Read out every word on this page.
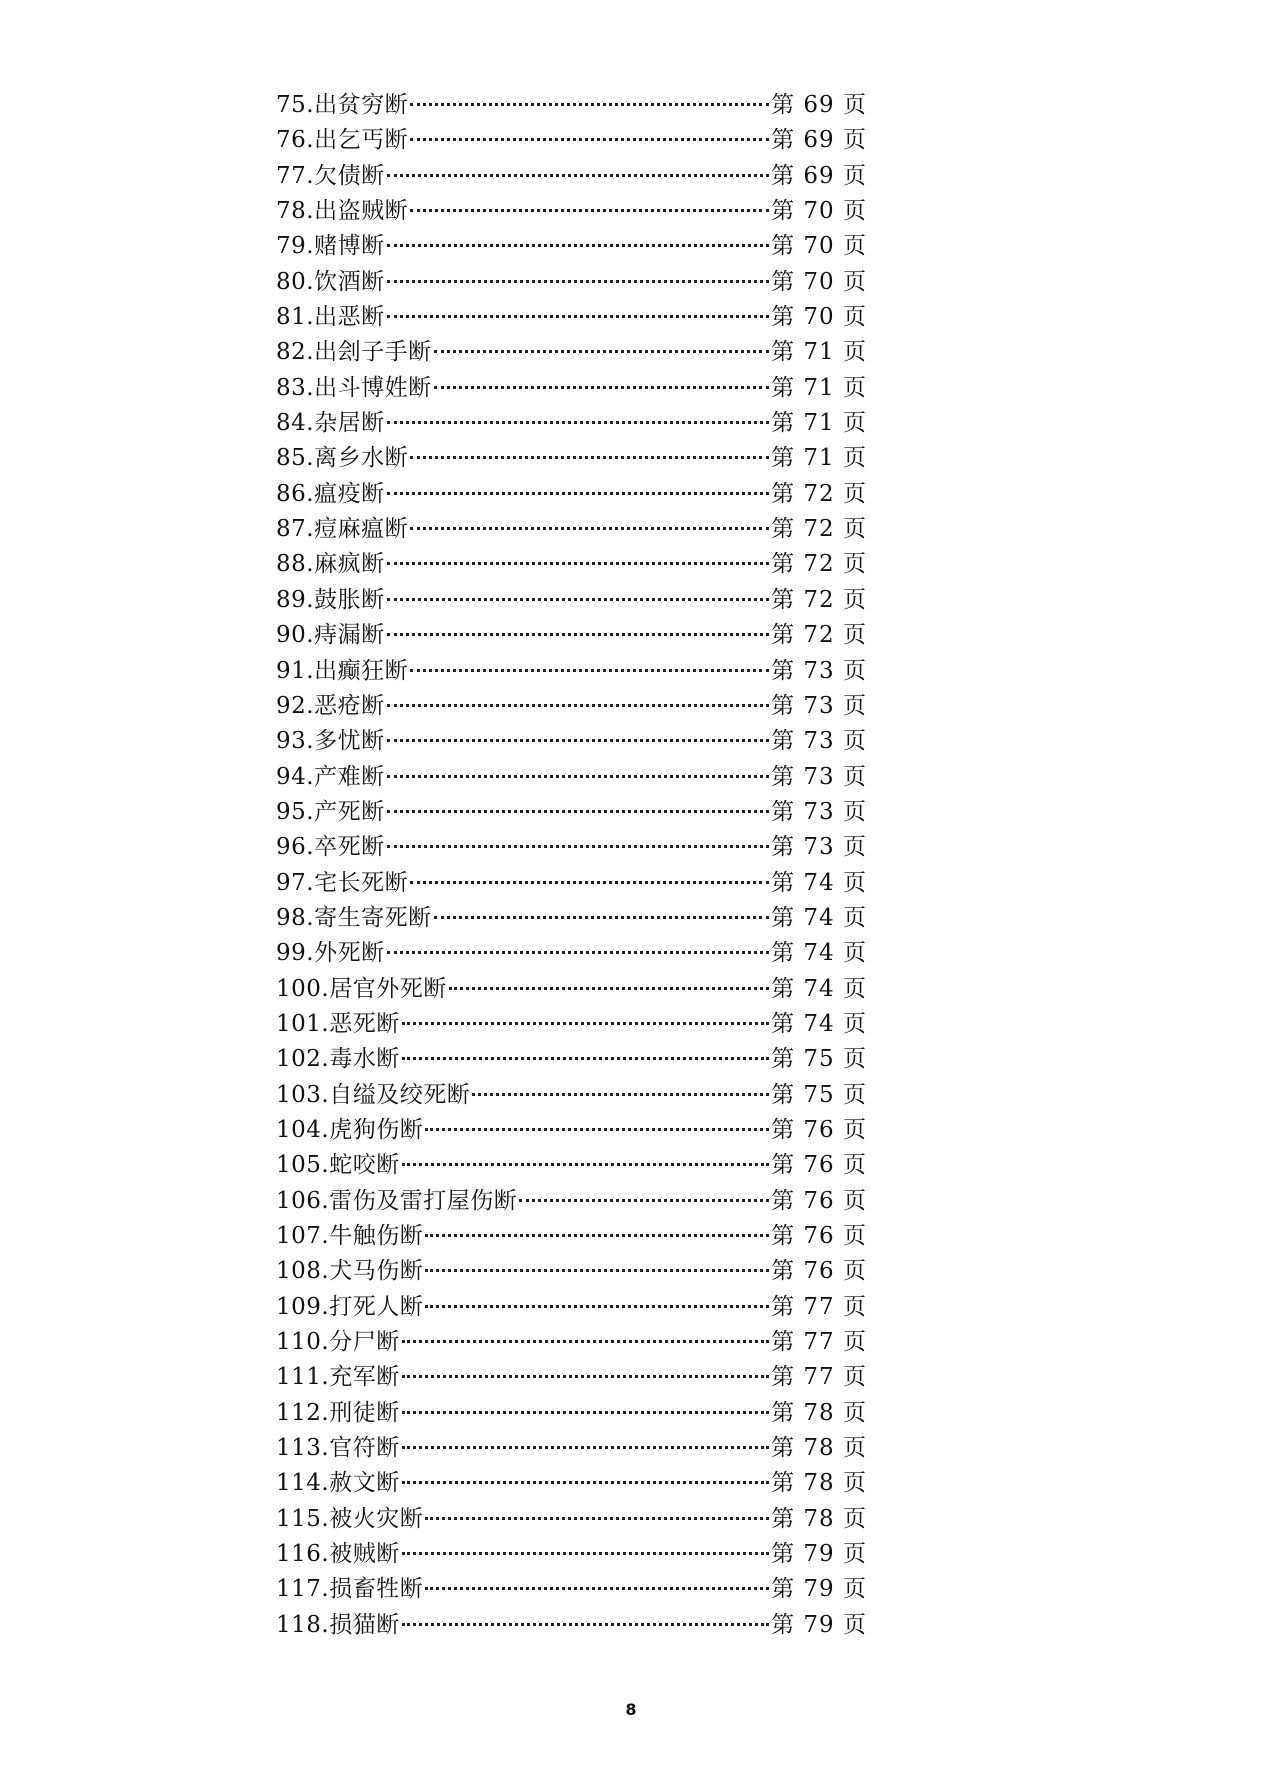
75. 出贫穷断	第 69 页
76. 出乞丐断	第 69 页
77. 欠债断	第 69 页
78. 出盗贼断	第 70 页
79. 赌博断	第 70 页
80. 饮酒断	第 70 页
81. 出恶断	第 70 页
82. 出刽子手断	第 71 页
83. 出斗博姓断	第 71 页
84. 杂居断	第 71 页
85. 离乡水断	第 71 页
86. 瘟疫断	第 72 页
87. 痘麻瘟断	第 72 页
88. 麻疯断	第 72 页
89. 鼓胀断	第 72 页
90. 痔漏断	第 72 页
91. 出癫狂断	第 73 页
92. 恶疮断	第 73 页
93. 多忧断	第 73 页
94. 产难断	第 73 页
95. 产死断	第 73 页
96. 卒死断	第 73 页
97. 宅长死断	第 74 页
98. 寄生寄死断	第 74 页
99. 外死断	第 74 页
100. 居官外死断	第 74 页
101. 恶死断	第 74 页
102. 毒水断	第 75 页
103. 自缢及绞死断	第 75 页
104. 虎狗伤断	第 76 页
105. 蛇咬断	第 76 页
106. 雷伤及雷打屋伤断	第 76 页
107. 牛触伤断	第 76 页
108. 犬马伤断	第 76 页
109. 打死人断	第 77 页
110. 分尸断	第 77 页
111. 充军断	第 77 页
112. 刑徒断	第 78 页
113. 官符断	第 78 页
114. 赦文断	第 78 页
115. 被火灾断	第 78 页
116. 被贼断	第 79 页
117. 损畜牲断	第 79 页
118. 损猫断	第 79 页
8
